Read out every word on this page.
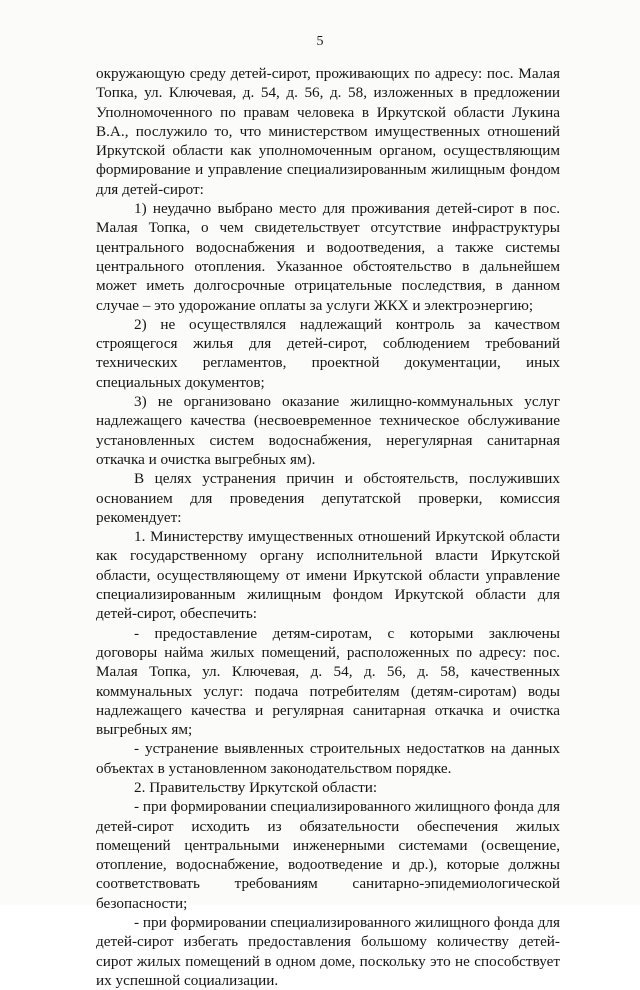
5

окружающую среду детей-сирот, проживающих по адресу: пос. Малая Топка, ул. Ключевая, д. 54, д. 56, д. 58, изложенных в предложении Уполномоченного по правам человека в Иркутской области Лукина В.А., послужило то, что министерством имущественных отношений Иркутской области как уполномоченным органом, осуществляющим формирование и управление специализированным жилищным фондом для детей-сирот:

1) неудачно выбрано место для проживания детей-сирот в пос. Малая Топка, о чем свидетельствует отсутствие инфраструктуры центрального водоснабжения и водоотведения, а также системы центрального отопления. Указанное обстоятельство в дальнейшем может иметь долгосрочные отрицательные последствия, в данном случае – это удорожание оплаты за услуги ЖКХ и электроэнергию;

2) не осуществлялся надлежащий контроль за качеством строящегося жилья для детей-сирот, соблюдением требований технических регламентов, проектной документации, иных специальных документов;

3) не организовано оказание жилищно-коммунальных услуг надлежащего качества (несвоевременное техническое обслуживание установленных систем водоснабжения, нерегулярная санитарная откачка и очистка выгребных ям).

В целях устранения причин и обстоятельств, послуживших основанием для проведения депутатской проверки, комиссия рекомендует:

1. Министерству имущественных отношений Иркутской области как государственному органу исполнительной власти Иркутской области, осуществляющему от имени Иркутской области управление специализированным жилищным фондом Иркутской области для детей-сирот, обеспечить:

- предоставление детям-сиротам, с которыми заключены договоры найма жилых помещений, расположенных по адресу: пос. Малая Топка, ул. Ключевая, д. 54, д. 56, д. 58, качественных коммунальных услуг: подача потребителям (детям-сиротам) воды надлежащего качества и регулярная санитарная откачка и очистка выгребных ям;

- устранение выявленных строительных недостатков на данных объектах в установленном законодательством порядке.

2. Правительству Иркутской области:

- при формировании специализированного жилищного фонда для детей-сирот исходить из обязательности обеспечения жилых помещений центральными инженерными системами (освещение, отопление, водоснабжение, водоотведение и др.), которые должны соответствовать требованиям санитарно-эпидемиологической безопасности;

- при формировании специализированного жилищного фонда для детей-сирот избегать предоставления большому количеству детей-сирот жилых помещений в одном доме, поскольку это не способствует их успешной социализации.
